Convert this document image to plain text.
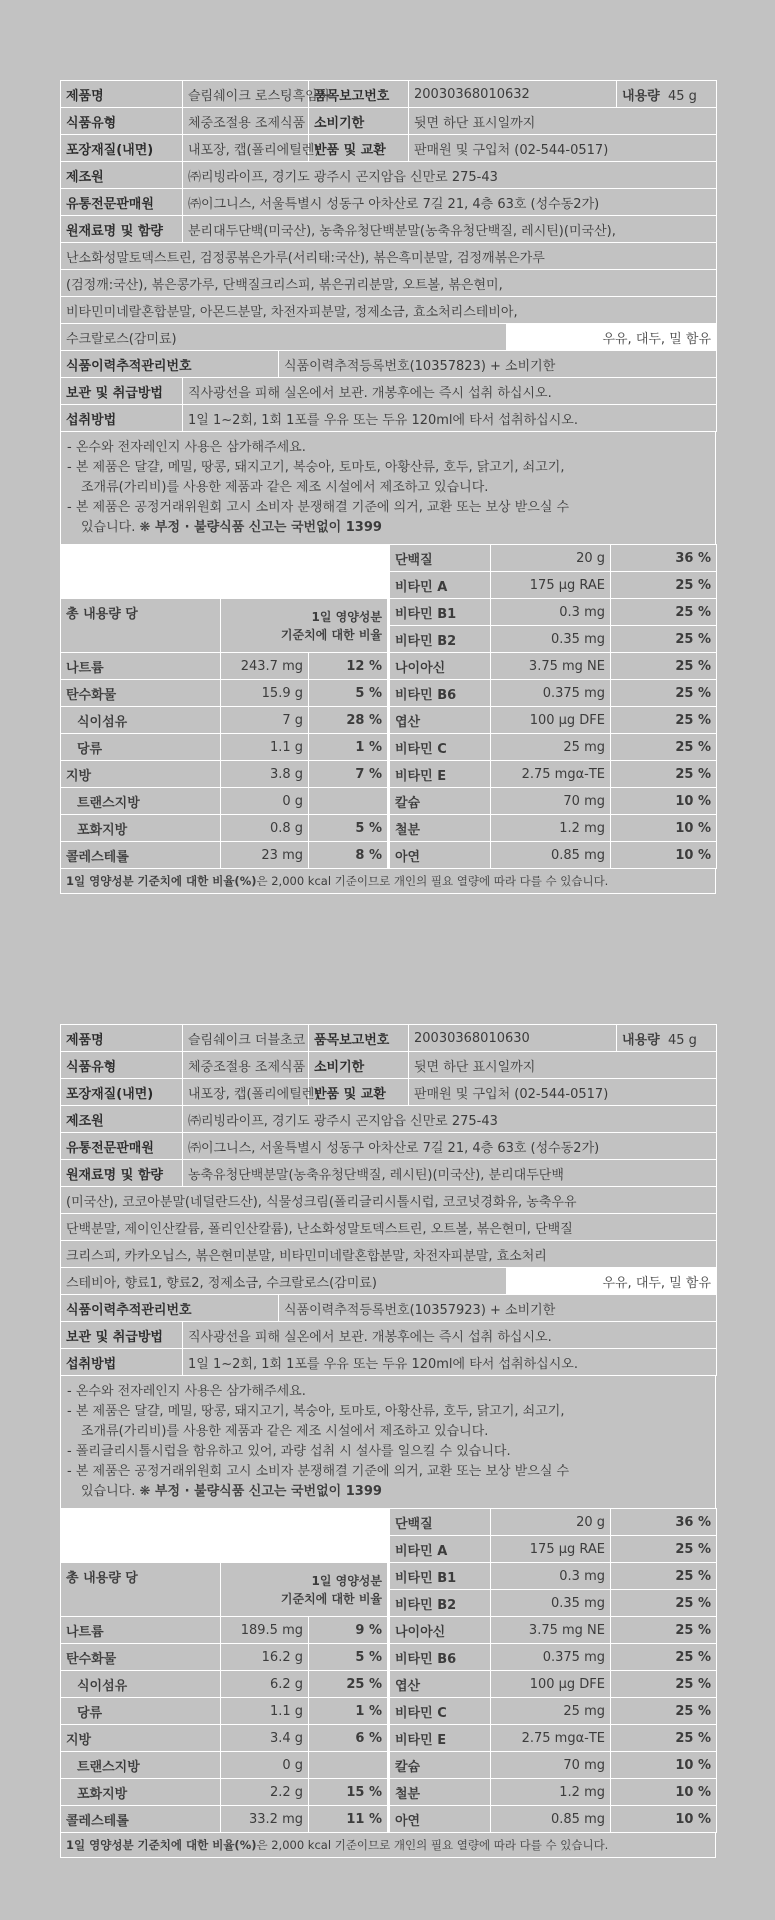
제품명	슬림쉐이크 로스팅흑임자		품목보고번호	20030368010632		내용량 45 g
식품유형	체중조절용 조제식품		소비기한	뒷면 하단 표시일까지		
포장재질(내면)	내포장, 캡(폴리에틸렌)		반품 및 교환	판매원 및 구입처 (02-544-0517)		
제조원	㈜리빙라이프, 경기도 광주시 곤지암읍 신만로 275-43					
유통전문판매원	㈜이그니스, 서울특별시 성동구 아차산로 7길 21, 4층 63호 (성수동2가)					
원재료명 및 함량	분리대두단백(미국산), 농축유청단백분말(농축유청단백질, 레시틴)(미국산),					
난소화성말토덱스트린, 검정콩볶은가루(서리태:국산), 볶은흑미분말, 검정깨볶은가루						
(검정깨:국산), 볶은콩가루, 단백질크리스피, 볶은귀리분말, 오트볼, 볶은현미,						
비타민미네랄혼합분말, 아몬드분말, 차전자피분말, 정제소금, 효소처리스테비아,						
수크랄로스(감미료)					우유, 대두, 밀 함유	
식품이력추적관리번호		식품이력추적등록번호(10357823) + 소비기한				
보관 및 취급방법	직사광선을 피해 실온에서 보관. 개봉후에는 즉시 섭취 하십시오.					
섭취방법	1일 1~2회, 1회 1포를 우유 또는 두유 120ml에 타서 섭취하십시오.					
- 온수와 전자레인지 사용은 삼가해주세요.
- 본 제품은 달걀, 메밀, 땅콩, 돼지고기, 복숭아, 토마토, 아황산류, 호두, 닭고기, 쇠고기,
조개류(가리비)를 사용한 제품과 같은 제조 시설에서 제조하고 있습니다.
- 본 제품은 공정거래위원회 고시 소비자 분쟁해결 기준에 의거, 교환 또는 보상 받으실 수
있습니다. ❋ 부정 · 불량식품 신고는 국번없이 1399
영양정보	총 내용량 45 g		단백질	20 g	36 %
165 kcal			비타민 A	175 μg RAE	25 %
총 내용량 당	1일 영양성분
기준치에 대한 비율		비타민 B1	0.3 mg	25 %
			비타민 B2	0.35 mg	25 %
나트륨	243.7 mg	12 %	나이아신	3.75 mg NE	25 %
탄수화물	15.9 g	5 %	비타민 B6	0.375 mg	25 %
식이섬유	7 g	28 %	엽산	100 μg DFE	25 %
당류	1.1 g	1 %	비타민 C	25 mg	25 %
지방	3.8 g	7 %	비타민 E	2.75 mgα-TE	25 %
트랜스지방	0 g		칼슘	70 mg	10 %
포화지방	0.8 g	5 %	철분	1.2 mg	10 %
콜레스테롤	23 mg	8 %	아연	0.85 mg	10 %
1일 영양성분 기준치에 대한 비율(%)은 2,000 kcal 기준이므로 개인의 필요 열량에 따라 다를 수 있습니다.
제품명	슬림쉐이크 더블초코		품목보고번호	20030368010630		내용량 45 g
식품유형	체중조절용 조제식품		소비기한	뒷면 하단 표시일까지		
포장재질(내면)	내포장, 캡(폴리에틸렌)		반품 및 교환	판매원 및 구입처 (02-544-0517)		
제조원	㈜리빙라이프, 경기도 광주시 곤지암읍 신만로 275-43					
유통전문판매원	㈜이그니스, 서울특별시 성동구 아차산로 7길 21, 4층 63호 (성수동2가)					
원재료명 및 함량	농축유청단백분말(농축유청단백질, 레시틴)(미국산), 분리대두단백					
(미국산), 코코아분말(네덜란드산), 식물성크림(폴리글리시톨시럽, 코코넛경화유, 농축우유						
단백분말, 제이인산칼륨, 폴리인산칼륨), 난소화성말토덱스트린, 오트볼, 볶은현미, 단백질						
크리스피, 카카오닙스, 볶은현미분말, 비타민미네랄혼합분말, 차전자피분말, 효소처리						
스테비아, 향료1, 향료2, 정제소금, 수크랄로스(감미료)					우유, 대두, 밀 함유	
식품이력추적관리번호		식품이력추적등록번호(10357923) + 소비기한				
보관 및 취급방법	직사광선을 피해 실온에서 보관. 개봉후에는 즉시 섭취 하십시오.					
섭취방법	1일 1~2회, 1회 1포를 우유 또는 두유 120ml에 타서 섭취하십시오.					
- 온수와 전자레인지 사용은 삼가해주세요.
- 본 제품은 달걀, 메밀, 땅콩, 돼지고기, 복숭아, 토마토, 아황산류, 호두, 닭고기, 쇠고기,
조개류(가리비)를 사용한 제품과 같은 제조 시설에서 제조하고 있습니다.
- 폴리글리시톨시럽을 함유하고 있어, 과량 섭취 시 설사를 일으킬 수 있습니다.
- 본 제품은 공정거래위원회 고시 소비자 분쟁해결 기준에 의거, 교환 또는 보상 받으실 수
있습니다. ❋ 부정 · 불량식품 신고는 국번없이 1399
영양정보	총 내용량 45 g		단백질	20 g	36 %
165 kcal			비타민 A	175 μg RAE	25 %
총 내용량 당	1일 영양성분
기준치에 대한 비율		비타민 B1	0.3 mg	25 %
			비타민 B2	0.35 mg	25 %
나트륨	189.5 mg	9 %	나이아신	3.75 mg NE	25 %
탄수화물	16.2 g	5 %	비타민 B6	0.375 mg	25 %
식이섬유	6.2 g	25 %	엽산	100 μg DFE	25 %
당류	1.1 g	1 %	비타민 C	25 mg	25 %
지방	3.4 g	6 %	비타민 E	2.75 mgα-TE	25 %
트랜스지방	0 g		칼슘	70 mg	10 %
포화지방	2.2 g	15 %	철분	1.2 mg	10 %
콜레스테롤	33.2 mg	11 %	아연	0.85 mg	10 %
1일 영양성분 기준치에 대한 비율(%)은 2,000 kcal 기준이므로 개인의 필요 열량에 따라 다를 수 있습니다.
